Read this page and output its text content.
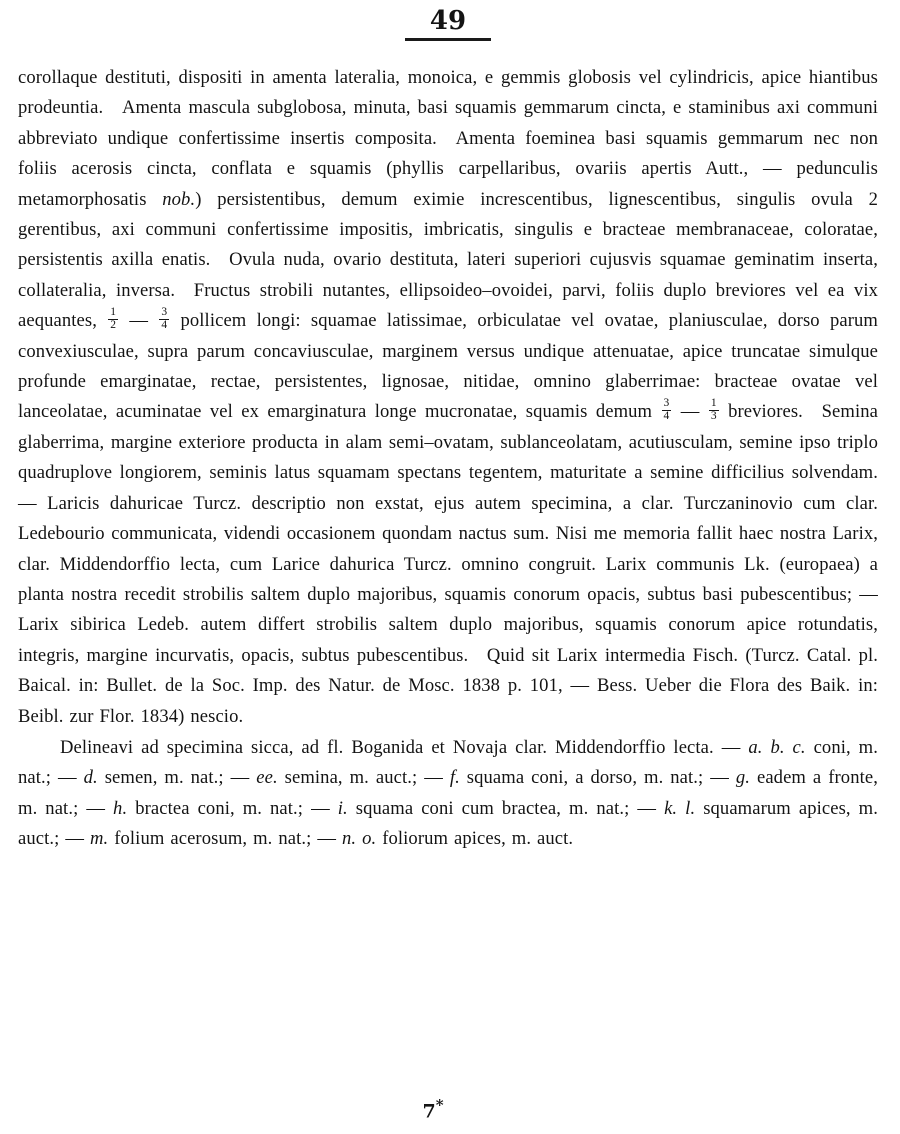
49

corollaque destituti, dispositi in amenta lateralia, monoica, e gemmis globosis vel cylindricis, apice hiantibus prodeuntia. Amenta mascula subglobosa, minuta, basi squamis gemmarum cincta, e staminibus axi communi abbreviato undique confertissime insertis composita. Amenta foeminea basi squamis gemmarum nec non foliis acerosis cincta, conflata e squamis (phyllis carpellaribus, ovariis apertis Autt., — pedunculis metamorphosatis nob.) persistentibus, demum eximie increscentibus, lignescentibus, singulis ovula 2 gerentibus, axi communi confertissime impositis, imbricatis, singulis e bracteae membranaceae, coloratae, persistentis axilla enatis. Ovula nuda, ovario destituta, lateri superiori cujusvis squamae geminatim inserta, collateralia, inversa. Fructus strobili nutantes, ellipsoideo–ovoidei, parvi, foliis duplo breviores vel ea vix aequantes, $\frac{1}{2}$ — $\frac{3}{4}$ pollicem longi: squamae latissimae, orbiculatae vel ovatae, planiusculae, dorso parum convexiusculae, supra parum concaviusculae, marginem versus undique attenuatae, apice truncatae simulque profunde emarginatae, rectae, persistentes, lignosae, nitidae, omnino glaberrimae: bracteae ovatae vel lanceolatae, acuminatae vel ex emarginatura longe mucronatae, squamis demum $\frac{3}{4}$ — $\frac{1}{3}$ breviores. Semina glaberrima, margine exteriore producta in alam semi–ovatam, sublanceolatam, acutiusculam, semine ipso triplo quadruplove longiorem, seminis latus squamam spectans tegentem, maturitate a semine difficilius solvendam. — Laricis dahuricae Turcz. descriptio non exstat, ejus autem specimina, a clar. Turczaninovio cum clar. Ledebourio communicata, videndi occasionem quondam nactus sum. Nisi me memoria fallit haec nostra Larix, clar. Middendorffio lecta, cum Larice dahurica Turcz. omnino congruit. Larix communis Lk. (europaea) a planta nostra recedit strobilis saltem duplo majoribus, squamis conorum opacis, subtus basi pubescentibus; — Larix sibirica Ledeb. autem differt strobilis saltem duplo majoribus, squamis conorum apice rotundatis, integris, margine incurvatis, opacis, subtus pubescentibus. Quid sit Larix intermedia Fisch. (Turcz. Catal. pl. Baical. in: Bullet. de la Soc. Imp. des Natur. de Mosc. 1838 p. 101, — Bess. Ueber die Flora des Baik. in: Beibl. zur Flor. 1834) nescio.

Delineavi ad specimina sicca, ad fl. Boganida et Novaja clar. Middendorffio lecta. — a. b. c. coni, m. nat.; — d. semen, m. nat.; — ee. semina, m. auct.; — f. squama coni, a dorso, m. nat.; — g. eadem a fronte, m. nat.; — h. bractea coni, m. nat.; — i. squama coni cum bractea, m. nat.; — k. l. squamarum apices, m. auct.; — m. folium acerosum, m. nat.; — n. o. foliorum apices, m. auct.

7*
